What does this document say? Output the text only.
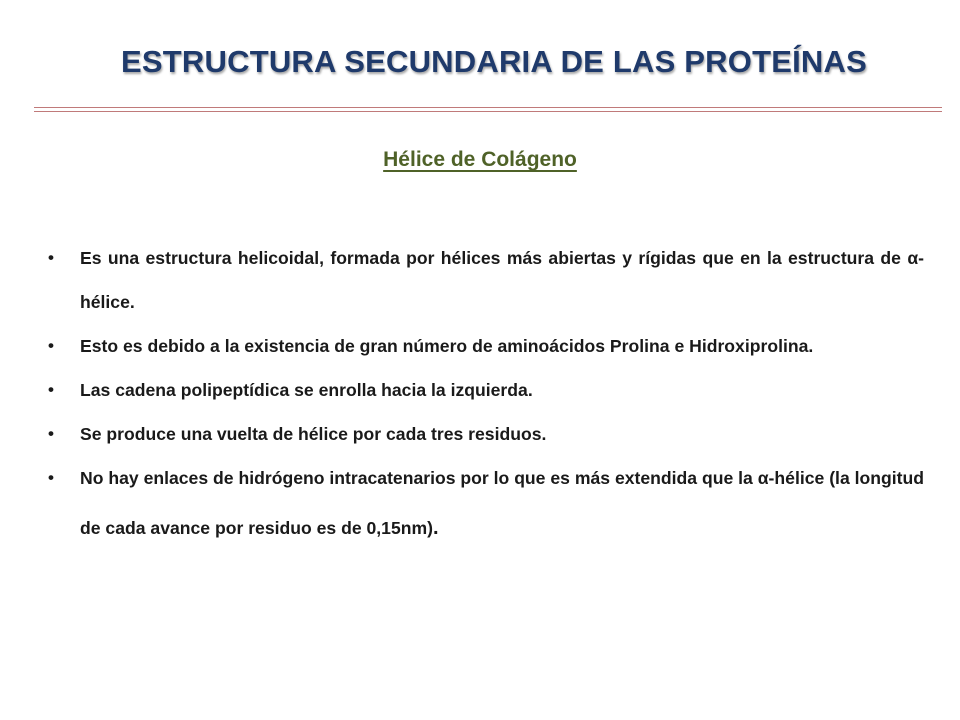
ESTRUCTURA SECUNDARIA DE LAS PROTEÍNAS
Hélice de Colágeno
• Es una estructura helicoidal, formada por hélices más abiertas y rígidas que en la estructura de α-hélice.
• Esto es debido a la existencia de gran número de aminoácidos Prolina e Hidroxiprolina.
• Las cadena polipeptídica se enrolla hacia la izquierda.
• Se produce una vuelta de hélice por cada tres residuos.
• No hay enlaces de hidrógeno intracatenarios por lo que es más extendida que la α-hélice (la longitud de cada avance por residuo es de 0,15nm).
